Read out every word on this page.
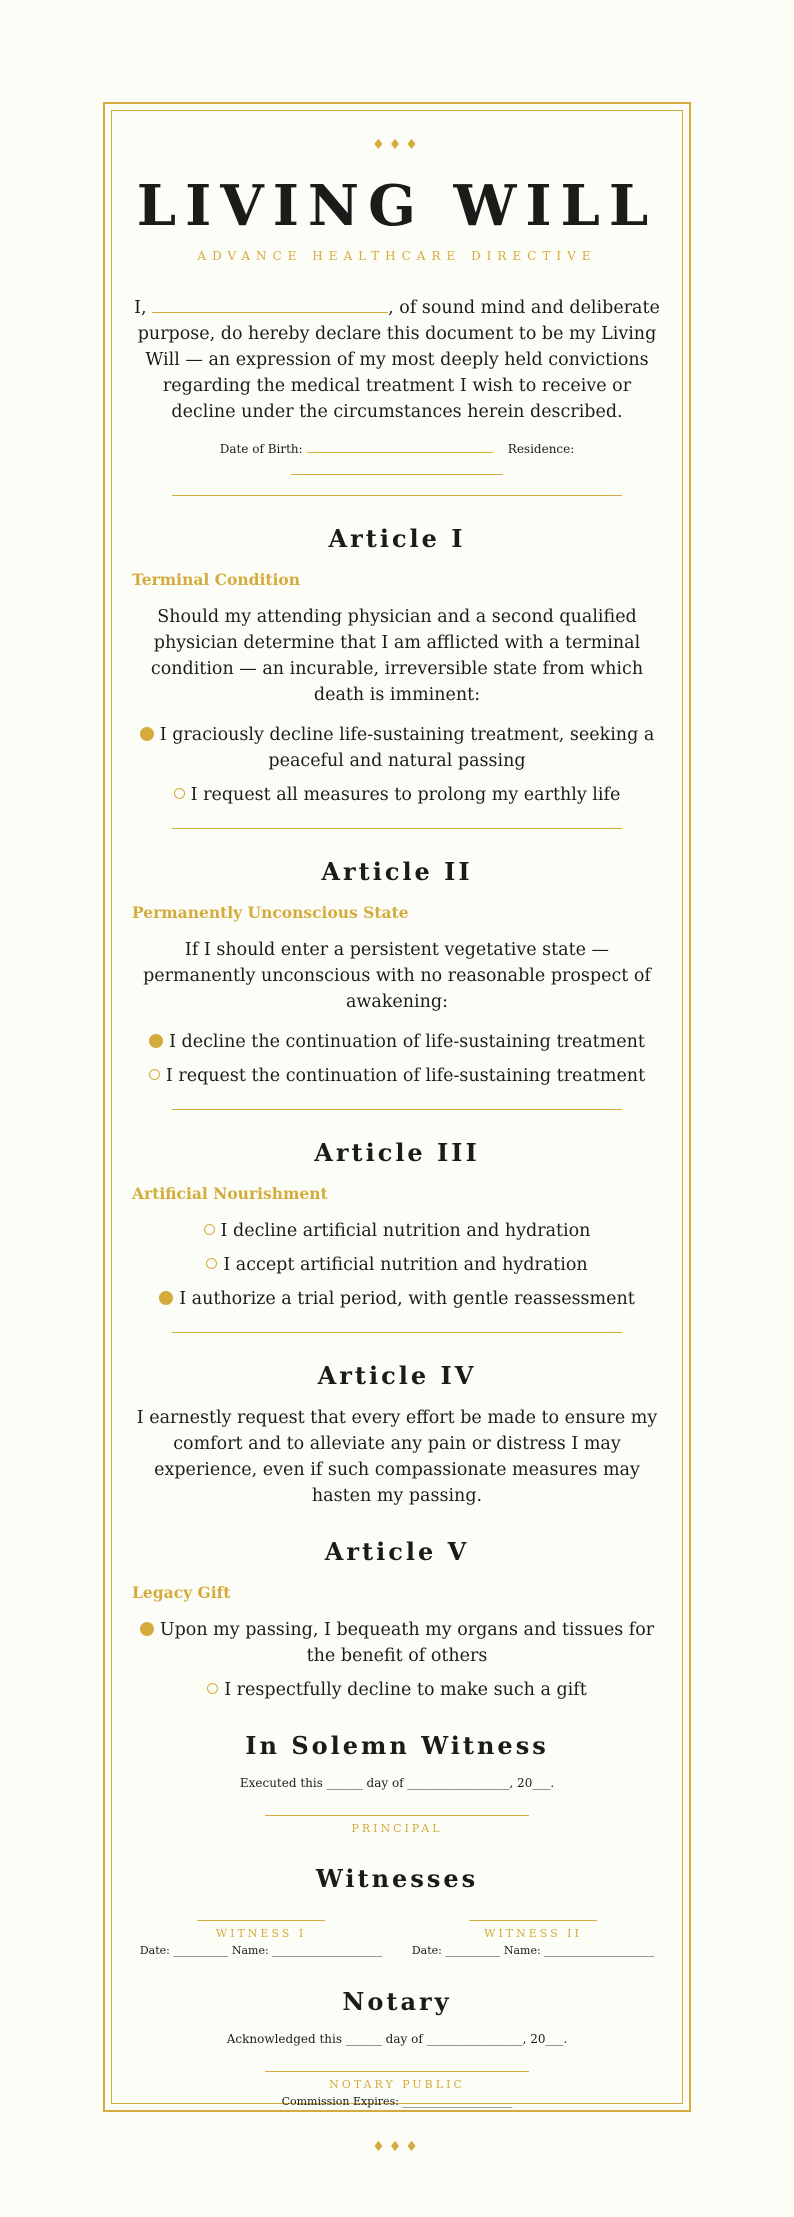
♦♦♦
LIVING WILL
ADVANCE HEALTHCARE DIRECTIVE
I,	, of sound mind and deliberate purpose, do hereby declare this document to be my Living Will — an expression of my most deeply held convictions regarding the medical treatment I wish to receive or decline under the circumstances herein described.
Date of Birth:	Residence:
Article I
Terminal Condition
Should my attending physician and a second qualified physician determine that I am afflicted with a terminal condition — an incurable, irreversible state from which death is imminent:
I graciously decline life-sustaining treatment, seeking a peaceful and natural passing
I request all measures to prolong my earthly life
Article II
Permanently Unconscious State
If I should enter a persistent vegetative state — permanently unconscious with no reasonable prospect of awakening:
I decline the continuation of life-sustaining treatment
I request the continuation of life-sustaining treatment
Article III
Artificial Nourishment
I decline artificial nutrition and hydration
I accept artificial nutrition and hydration
I authorize a trial period, with gentle reassessment
Article IV
I earnestly request that every effort be made to ensure my comfort and to alleviate any pain or distress I may experience, even if such compassionate measures may hasten my passing.
Article V
Legacy Gift
Upon my passing, I bequeath my organs and tissues for the benefit of others
I respectfully decline to make such a gift
In Solemn Witness
Executed this ______ day of _________________, 20___.
PRINCIPAL
Witnesses
WITNESS I
Date: __________ Name: ____________________
WITNESS II
Date: __________ Name: ____________________
Notary
Acknowledged this ______ day of ________________, 20___.
NOTARY PUBLIC
Commission Expires: ____________________
♦♦♦
